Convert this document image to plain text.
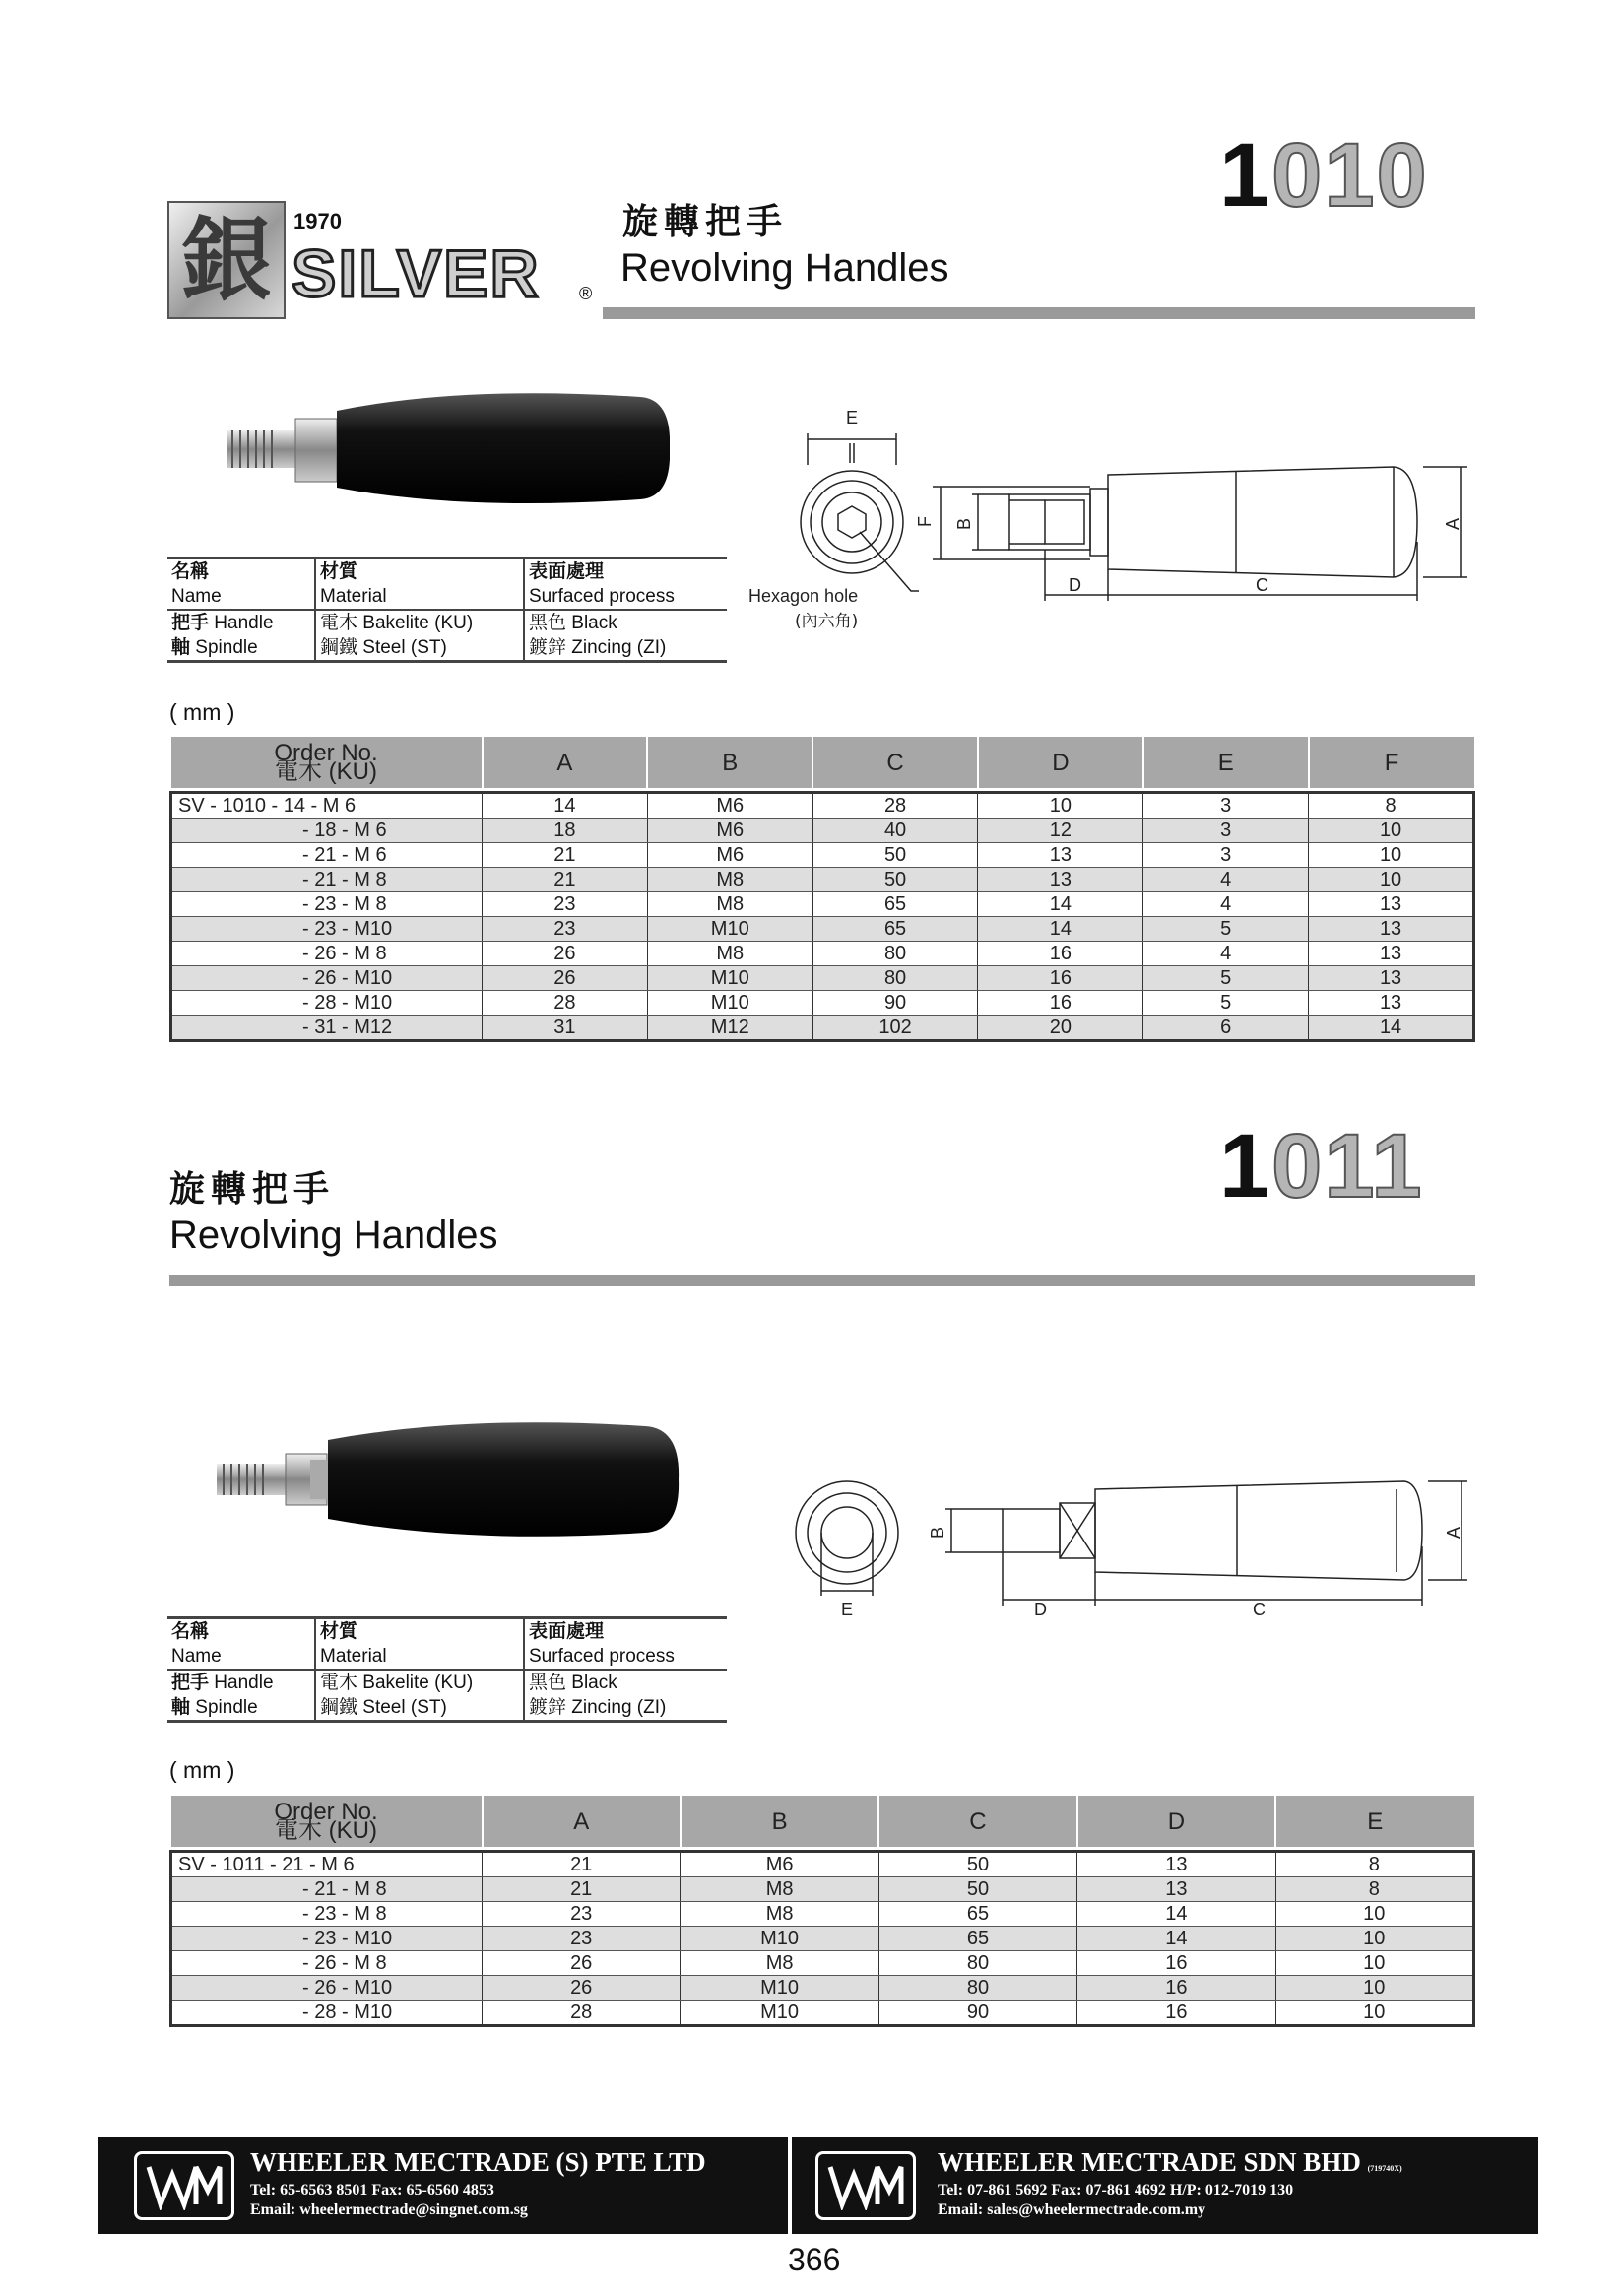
1010
銀 1970
SILVER ®
旋轉把手
Revolving Handles
E
F B	A
D	C
Hexagon hole
(內六角)
名稱	材質	表面處理
Name	Material	Surfaced process
把手 Handle	電木 Bakelite (KU)	黑色 Black
軸 Spindle	鋼鐵 Steel (ST)	鍍鋅 Zincing (ZI)
( mm )
Order No.
電木 (KU)	A	B	C	D	E	F

SV - 1010 - 14 - M 6	14	M6	28	10	3	8
- 18 - M 6	18	M6	40	12	3	10
- 21 - M 6	21	M6	50	13	3	10
- 21 - M 8	21	M8	50	13	4	10
- 23 - M 8	23	M8	65	14	4	13
- 23 - M10	23	M10	65	14	5	13
- 26 - M 8	26	M8	80	16	4	13
- 26 - M10	26	M10	80	16	5	13
- 28 - M10	28	M10	90	16	5	13
- 31 - M12	31	M12	102	20	6	14
1011
旋轉把手
Revolving Handles
B
E	D	C
A
名稱	材質	表面處理
Name	Material	Surfaced process
把手 Handle	電木 Bakelite (KU)	黑色 Black
軸 Spindle	鋼鐵 Steel (ST)	鍍鋅 Zincing (ZI)
( mm )
Order No.
電木 (KU)	A	B	C	D	E

SV - 1011 - 21 - M 6	21	M6	50	13	8
- 21 - M 8	21	M8	50	13	8
- 23 - M 8	23	M8	65	14	10
- 23 - M10	23	M10	65	14	10
- 26 - M 8	26	M8	80	16	10
- 26 - M10	26	M10	80	16	10
- 28 - M10	28	M10	90	16	10
WHEELER MECTRADE (S) PTE LTD
Tel: 65-6563 8501 Fax: 65-6560 4853
Email: wheelermectrade@singnet.com.sg
WHEELER MECTRADE SDN BHD (719740X)
Tel: 07-861 5692 Fax: 07-861 4692 H/P: 012-7019 130
Email: sales@wheelermectrade.com.my
366
